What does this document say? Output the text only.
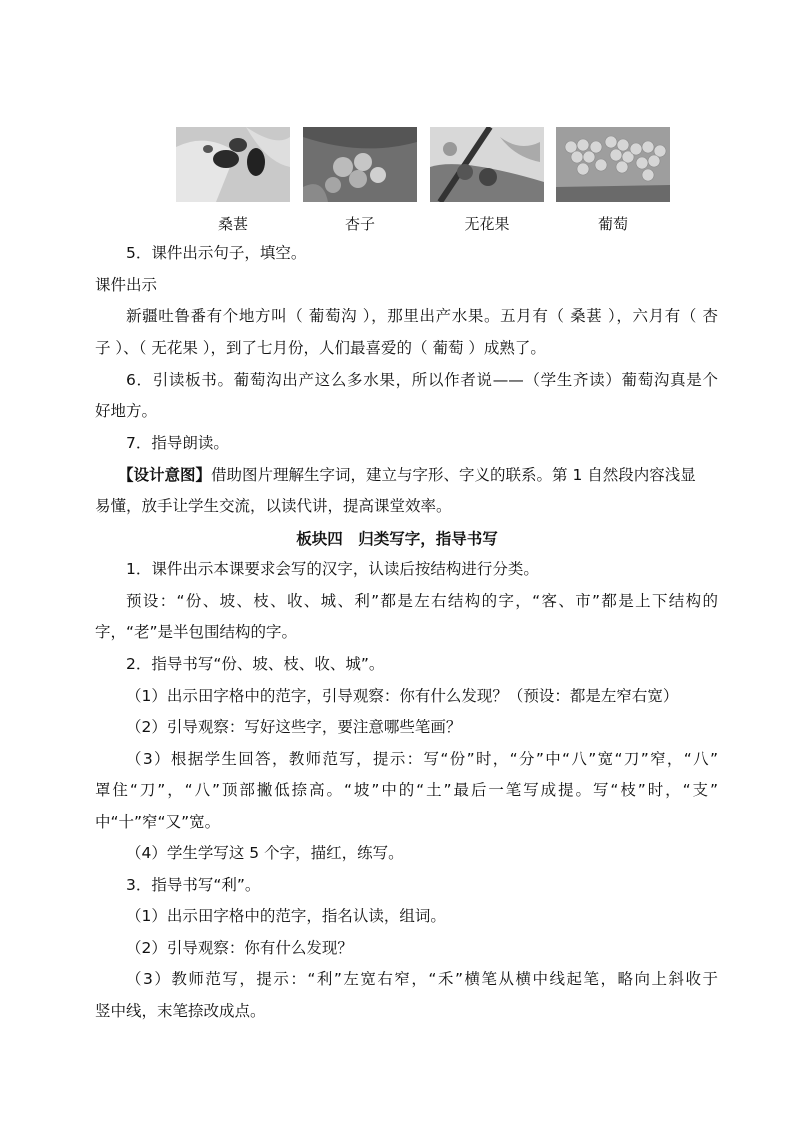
桑葚	杏子	无花果	葡萄
5．课件出示句子，填空。
课件出示
新疆吐鲁番有个地方叫（ 葡萄沟 ），那里出产水果。五月有（ 桑葚 ），六月有（ 杏
子 ）、（ 无花果 ），到了七月份，人们最喜爱的（ 葡萄 ）成熟了。
6．引读板书。葡萄沟出产这么多水果，所以作者说——（学生齐读）葡萄沟真是个
好地方。
7．指导朗读。
【设计意图】借助图片理解生字词，建立与字形、字义的联系。第 1 自然段内容浅显
易懂，放手让学生交流，以读代讲，提高课堂效率。
板块四　归类写字，指导书写
1．课件出示本课要求会写的汉字，认读后按结构进行分类。
预设：“份、坡、枝、收、城、利”都是左右结构的字，“客、市”都是上下结构的
字，“老”是半包围结构的字。
2．指导书写“份、坡、枝、收、城”。
（1）出示田字格中的范字，引导观察：你有什么发现？（预设：都是左窄右宽）
（2）引导观察：写好这些字，要注意哪些笔画？
（3）根据学生回答，教师范写，提示：写“份”时，“分”中“八”宽“刀”窄，“八”
罩住“刀”，“八”顶部撇低捺高。“坡”中的“土”最后一笔写成提。写“枝”时，“支”
中“十”窄“又”宽。
（4）学生学写这 5 个字，描红，练写。
3．指导书写“利”。
（1）出示田字格中的范字，指名认读，组词。
（2）引导观察：你有什么发现？
（3）教师范写，提示：“利”左宽右窄，“禾”横笔从横中线起笔，略向上斜收于
竖中线，末笔捺改成点。
